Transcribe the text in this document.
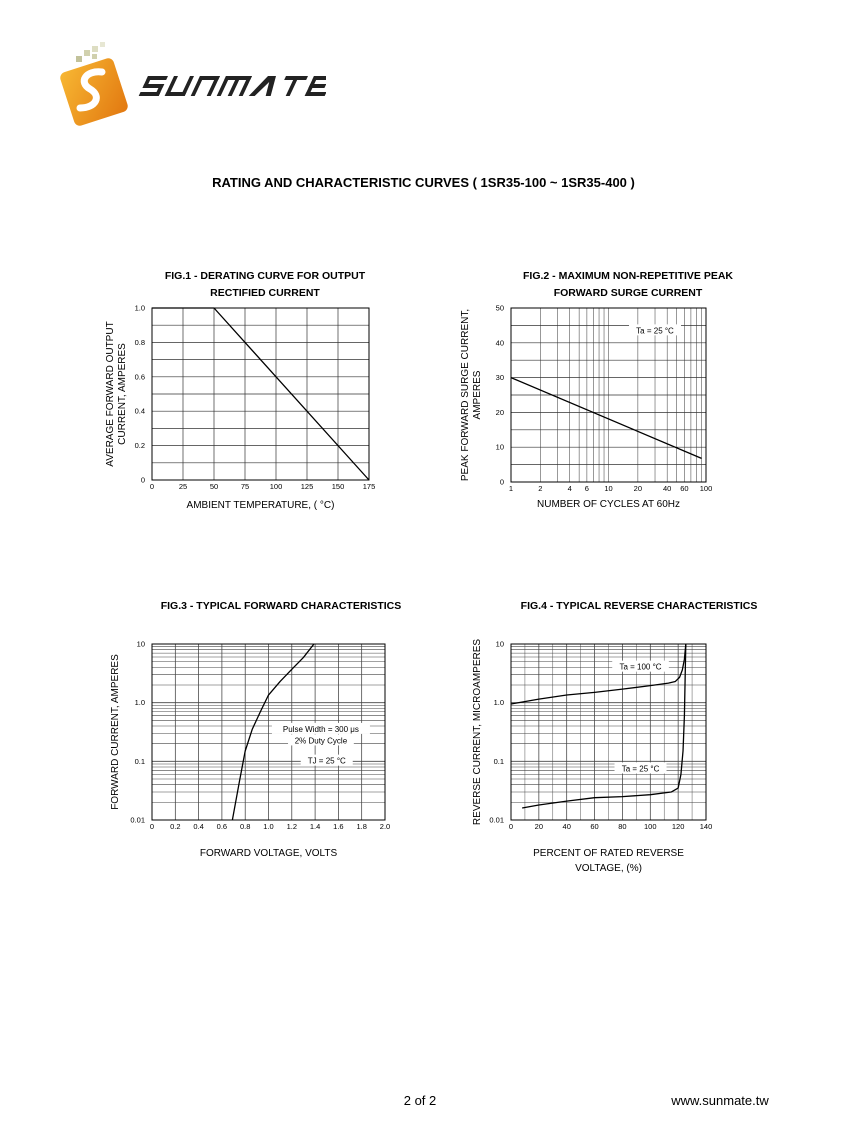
RATING AND CHARACTERISTIC CURVES ( 1SR35-100 ~ 1SR35-400 )
FIG.1 - DERATING CURVE FOR OUTPUT
RECTIFIED CURRENT
FIG.2 - MAXIMUM NON-REPETITIVE PEAK
FORWARD SURGE CURRENT
FIG.3 - TYPICAL FORWARD CHARACTERISTICS	FIG.4 - TYPICAL REVERSE CHARACTERISTICS
0	25	50	75	100 125 150 175
0
0.2
0.4
0.6
0.8
1.0
AMBIENT TEMPERATURE, ( °C)
AVERAGE FORWARD OUTPUT CURRENT, AMPERES
1	2	4 6 10	20	40 60 100
0
10
20
30
40
50
NUMBER OF CYCLES AT 60Hz
PEAK FORWARD SURGE CURRENT, AMPERES
Ta = 25 °C
0 0.2 0.4 0.6 0.8 1.0 1.2 1.4 1.6 1.8 2.0
0.01
0.1
1.0
10
FORWARD VOLTAGE, VOLTS
FORWARD CURRENT, AMPERES	Pulse Width = 300 μs
2% Duty Cycle
TJ = 25 °C
0	20	40	60	80 100 120 140
0.01
0.1
1.0
10
PERCENT OF RATED REVERSE
VOLTAGE, (%)
REVERSE CURRENT, MICROAMPERES	Ta = 100 °C
Ta = 25 °C
2 of 2	www.sunmate.tw
